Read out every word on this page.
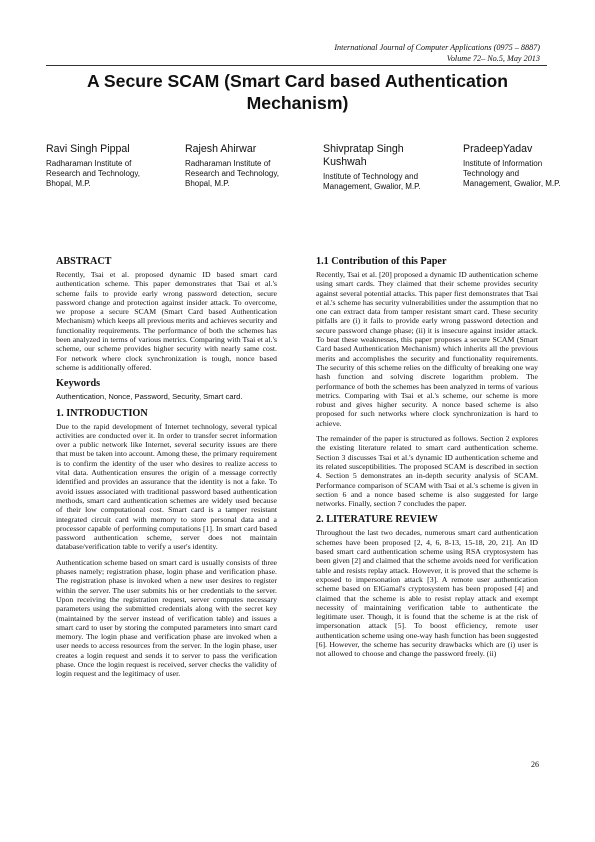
International Journal of Computer Applications (0975 – 8887)
Volume 72– No.5, May 2013
A Secure SCAM (Smart Card based Authentication Mechanism)
Ravi Singh Pippal
Radharaman Institute of Research and Technology, Bhopal, M.P.
Rajesh Ahirwar
Radharaman Institute of Research and Technology, Bhopal, M.P.
Shivpratap Singh Kushwah
Institute of Technology and Management, Gwalior, M.P.
PradeepYadav
Institute of Information Technology and Management, Gwalior, M.P.
ABSTRACT

Recently, Tsai et al. proposed dynamic ID based smart card authentication scheme. This paper demonstrates that Tsai et al.'s scheme fails to provide early wrong password detection, secure password change and protection against insider attack. To overcome, we propose a secure SCAM (Smart Card based Authentication Mechanism) which keeps all previous merits and achieves security and functionality requirements. The performance of both the schemes has been analyzed in terms of various metrics. Comparing with Tsai et al.'s scheme, our scheme provides higher security with nearly same cost. For network where clock synchronization is tough, nonce based scheme is additionally offered.

Keywords

Authentication, Nonce, Password, Security, Smart card.

1. INTRODUCTION

Due to the rapid development of Internet technology, several typical activities are conducted over it. In order to transfer secret information over a public network like Internet, several security issues are there that must be taken into account. Among these, the primary requirement is to confirm the identity of the user who desires to realize access to vital data. Authentication ensures the origin of a message correctly identified and provides an assurance that the identity is not a fake. To avoid issues associated with traditional password based authentication methods, smart card authentication schemes are widely used because of their low computational cost. Smart card is a tamper resistant integrated circuit card with memory to store personal data and a processor capable of performing computations [1]. In smart card based password authentication scheme, server does not maintain database/verification table to verify a user's identity.

Authentication scheme based on smart card is usually consists of three phases namely; registration phase, login phase and verification phase. The registration phase is invoked when a new user desires to register within the server. The user submits his or her credentials to the server. Upon receiving the registration request, server computes necessary parameters using the submitted credentials along with the secret key (maintained by the server instead of verification table) and issues a smart card to user by storing the computed parameters into smart card memory. The login phase and verification phase are invoked when a user needs to access resources from the server. In the login phase, user creates a login request and sends it to server to pass the verification phase. Once the login request is received, server checks the validity of login request and the legitimacy of user.

1.1 Contribution of this Paper

Recently, Tsai et al. [20] proposed a dynamic ID authentication scheme using smart cards. They claimed that their scheme provides security against several potential attacks. This paper first demonstrates that Tsai et al.'s scheme has security vulnerabilities under the assumption that no one can extract data from tamper resistant smart card. These security pitfalls are (i) it fails to provide early wrong password detection and secure password change phase; (ii) it is insecure against insider attack. To beat these weaknesses, this paper proposes a secure SCAM (Smart Card based Authentication Mechanism) which inherits all the previous merits and accomplishes the security and functionality requirements. The security of this scheme relies on the difficulty of breaking one way hash function and solving discrete logarithm problem. The performance of both the schemes has been analyzed in terms of various metrics. Comparing with Tsai et al.'s scheme, our scheme is more robust and gives higher security. A nonce based scheme is also proposed for such networks where clock synchronization is hard to achieve.

The remainder of the paper is structured as follows. Section 2 explores the existing literature related to smart card authentication scheme. Section 3 discusses Tsai et al.'s dynamic ID authentication scheme and its related susceptibilities. The proposed SCAM is described in section 4. Section 5 demonstrates an in-depth security analysis of SCAM. Performance comparison of SCAM with Tsai et al.'s scheme is given in section 6 and a nonce based scheme is also suggested for large networks. Finally, section 7 concludes the paper.

2. LITERATURE REVIEW

Throughout the last two decades, numerous smart card authentication schemes have been proposed [2, 4, 6, 8-13, 15-18, 20, 21]. An ID based smart card authentication scheme using RSA cryptosystem has been given [2] and claimed that the scheme avoids need for verification table and resists replay attack. However, it is proved that the scheme is exposed to impersonation attack [3]. A remote user authentication scheme based on ElGamal's cryptosystem has been proposed [4] and claimed that the scheme is able to resist replay attack and exempt necessity of maintaining verification table to authenticate the legitimate user. Though, it is found that the scheme is at the risk of impersonation attack [5]. To boost efficiency, remote user authentication scheme using one-way hash function has been suggested [6]. However, the scheme has security drawbacks which are (i) user is not allowed to choose and change the password freely. (ii)

26
